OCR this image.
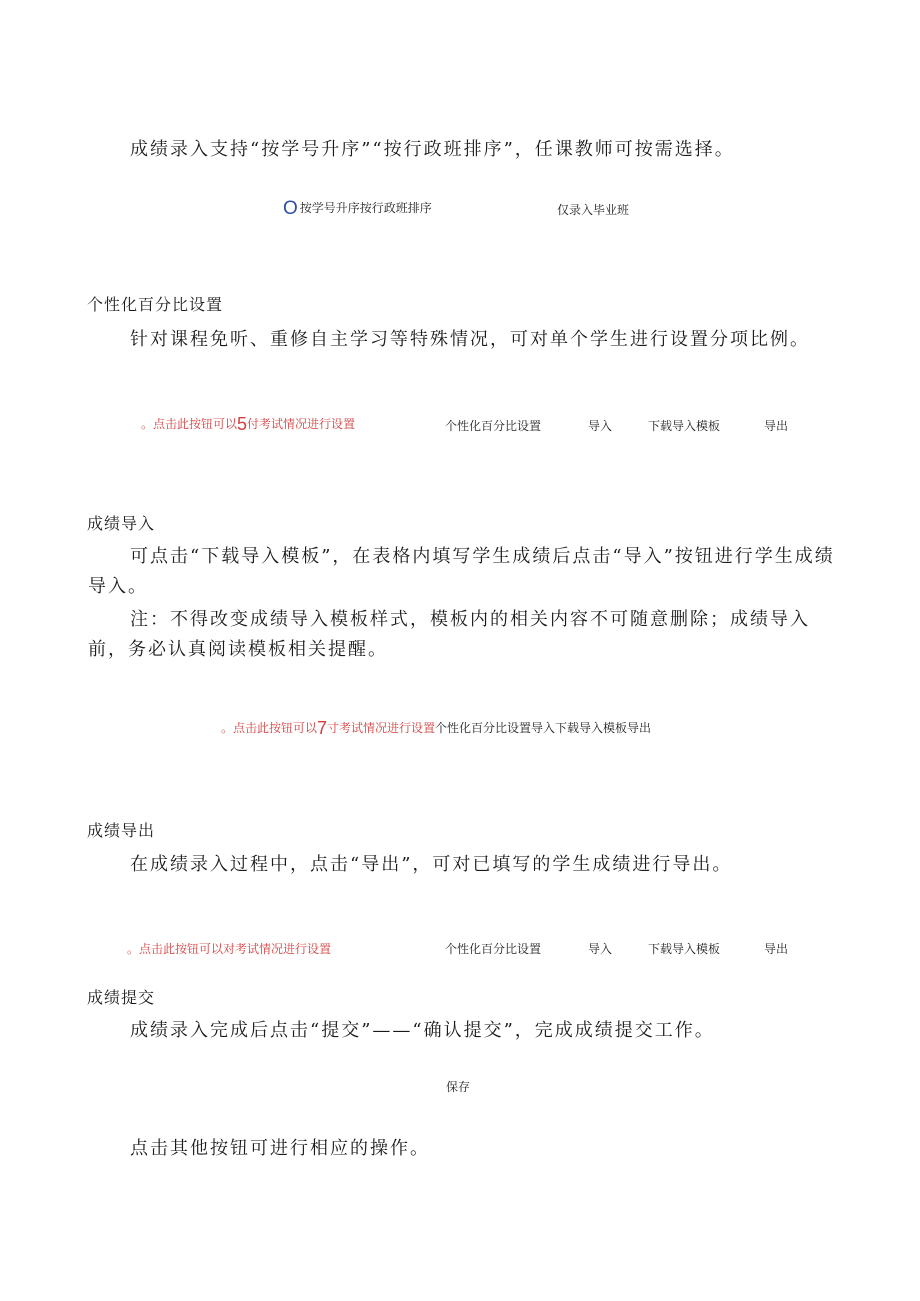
成绩录入支持“按学号升序”“按行政班排序”，任课教师可按需选择。
O按学号升序按行政班排序	仅录入毕业班
个性化百分比设置
针对课程免听、重修自主学习等特殊情况，可对单个学生进行设置分项比例。
。点击此按钮可以5付考试情况进行设置	个性化百分比设置	导入	下载导入模板	导出
成绩导入
可点击“下载导入模板”，在表格内填写学生成绩后点击“导入”按钮进行学生成绩导入。
注：不得改变成绩导入模板样式，模板内的相关内容不可随意删除；成绩导入前，务必认真阅读模板相关提醒。
。点击此按钮可以7寸考试情况进行设置个性化百分比设置导入下载导入模板导出
成绩导出
在成绩录入过程中，点击“导出”，可对已填写的学生成绩进行导出。
。点击此按钮可以对考试情况进行设置	个性化百分比设置	导入	下载导入模板	导出
成绩提交
成绩录入完成后点击“提交”——“确认提交”，完成成绩提交工作。
保存
点击其他按钮可进行相应的操作。
